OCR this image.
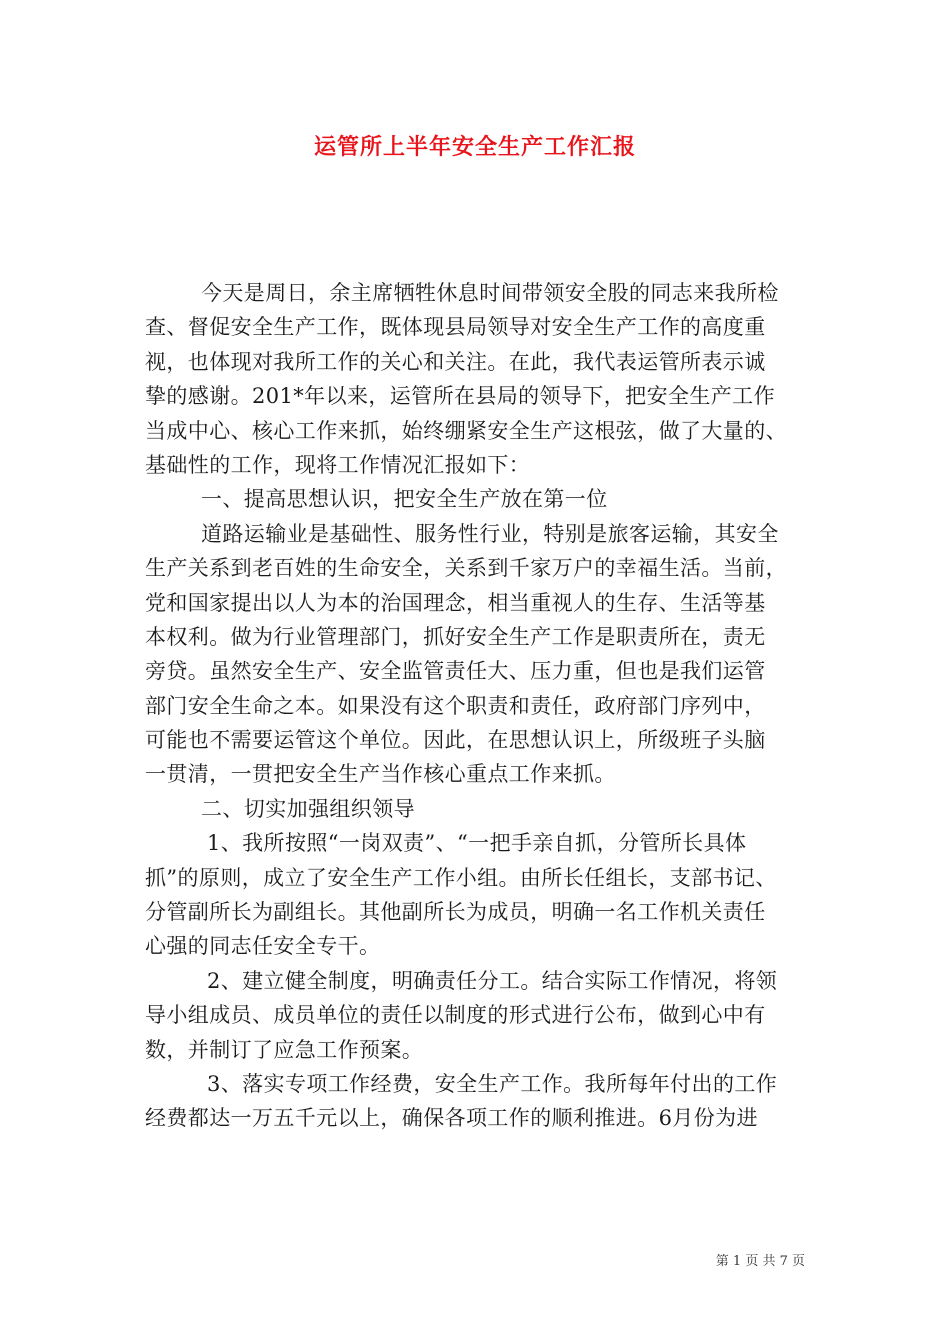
运管所上半年安全生产工作汇报
今天是周日，余主席牺牲休息时间带领安全股的同志来我所检
查、督促安全生产工作，既体现县局领导对安全生产工作的高度重
视，也体现对我所工作的关心和关注。在此，我代表运管所表示诚
挚的感谢。201*年以来，运管所在县局的领导下，把安全生产工作
当成中心、核心工作来抓，始终绷紧安全生产这根弦，做了大量的、
基础性的工作，现将工作情况汇报如下：
一、提高思想认识，把安全生产放在第一位
道路运输业是基础性、服务性行业，特别是旅客运输，其安全
生产关系到老百姓的生命安全，关系到千家万户的幸福生活。当前，
党和国家提出以人为本的治国理念，相当重视人的生存、生活等基
本权利。做为行业管理部门，抓好安全生产工作是职责所在，责无
旁贷。虽然安全生产、安全监管责任大、压力重，但也是我们运管
部门安全生命之本。如果没有这个职责和责任，政府部门序列中，
可能也不需要运管这个单位。因此，在思想认识上，所级班子头脑
一贯清，一贯把安全生产当作核心重点工作来抓。
二、切实加强组织领导
1、我所按照“一岗双责”、“一把手亲自抓，分管所长具体
抓”的原则，成立了安全生产工作小组。由所长任组长，支部书记、
分管副所长为副组长。其他副所长为成员，明确一名工作机关责任
心强的同志任安全专干。
2、建立健全制度，明确责任分工。结合实际工作情况，将领
导小组成员、成员单位的责任以制度的形式进行公布，做到心中有
数，并制订了应急工作预案。
3、落实专项工作经费，安全生产工作。我所每年付出的工作
经费都达一万五千元以上，确保各项工作的顺利推进。6月份为进
第 1 页 共 7 页
